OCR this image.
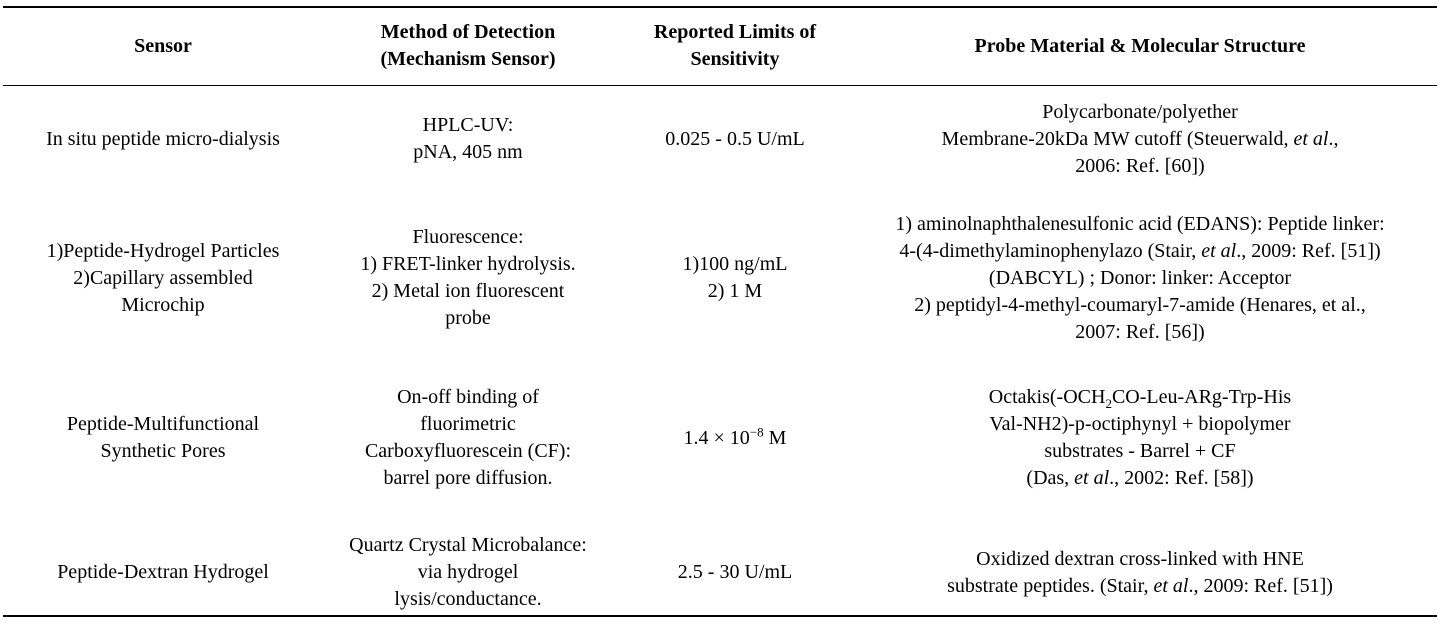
Sensor
Method of Detection
(Mechanism Sensor)
Reported Limits of
Sensitivity
Probe Material & Molecular Structure
In situ peptide micro-dialysis
HPLC-UV:
pNA, 405 nm
0.025 - 0.5 U/mL
Polycarbonate/polyether
Membrane-20kDa MW cutoff (Steuerwald, et al.,
2006: Ref. [60])
1)Peptide-Hydrogel Particles
2)Capillary assembled
Microchip
Fluorescence:
1) FRET-linker hydrolysis.
2) Metal ion fluorescent
probe
1)100 ng/mL
2) 1 M
1) aminolnaphthalenesulfonic acid (EDANS): Peptide linker:
4-(4-dimethylaminophenylazo (Stair, et al., 2009: Ref. [51])
(DABCYL) ; Donor: linker: Acceptor
2) peptidyl-4-methyl-coumaryl-7-amide (Henares, et al.,
2007: Ref. [56])
Peptide-Multifunctional
Synthetic Pores
On-off binding of
fluorimetric
Carboxyfluorescein (CF):
barrel pore diffusion.
$1.4 \times 10^{-8}$ M
$Octakis(-OCH_2CO-Leu-ARg-Trp$-His
Val-NH2)-p-octiphynyl + biopolymer
substrates - Barrel + CF
(Das, et al., 2002: Ref. [58])
Peptide-Dextran Hydrogel
Quartz Crystal Microbalance:
via hydrogel
lysis/conductance.
2.5 - 30 U/mL
Oxidized dextran cross-linked with HNE
substrate peptides. (Stair, et al., 2009: Ref. [51])
